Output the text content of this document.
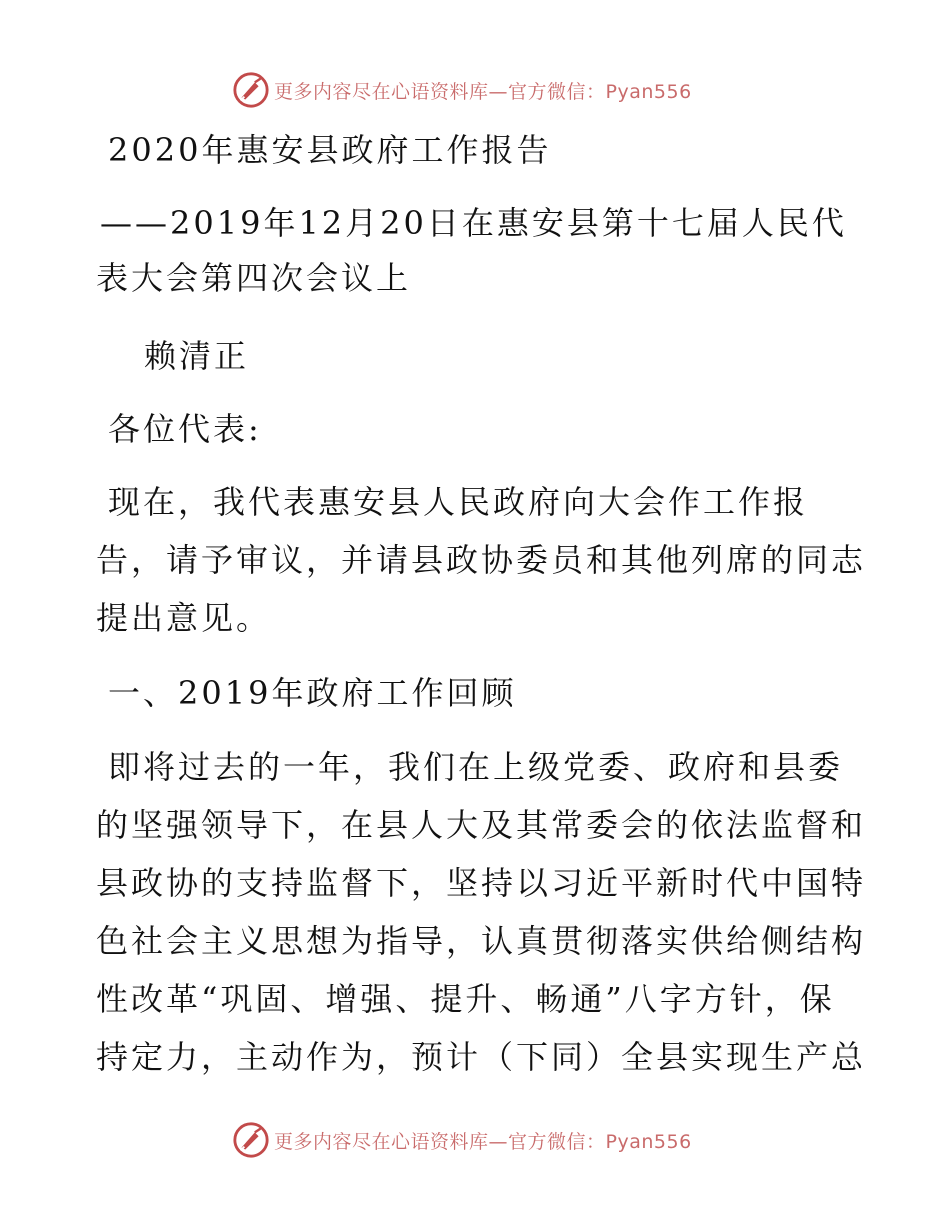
更多内容尽在心语资料库—官方微信：Pyan556
2020年惠安县政府工作报告
——2019年12月20日在惠安县第十七届人民代
表大会第四次会议上
赖清正
各位代表:
现在，我代表惠安县人民政府向大会作工作报
告，请予审议，并请县政协委员和其他列席的同志
提出意见。
一、2019年政府工作回顾
即将过去的一年，我们在上级党委、政府和县委
的坚强领导下，在县人大及其常委会的依法监督和
县政协的支持监督下，坚持以习近平新时代中国特
色社会主义思想为指导，认真贯彻落实供给侧结构
性改革“巩固、增强、提升、畅通”八字方针，保
持定力，主动作为，预计（下同）全县实现生产总
更多内容尽在心语资料库—官方微信：Pyan556
